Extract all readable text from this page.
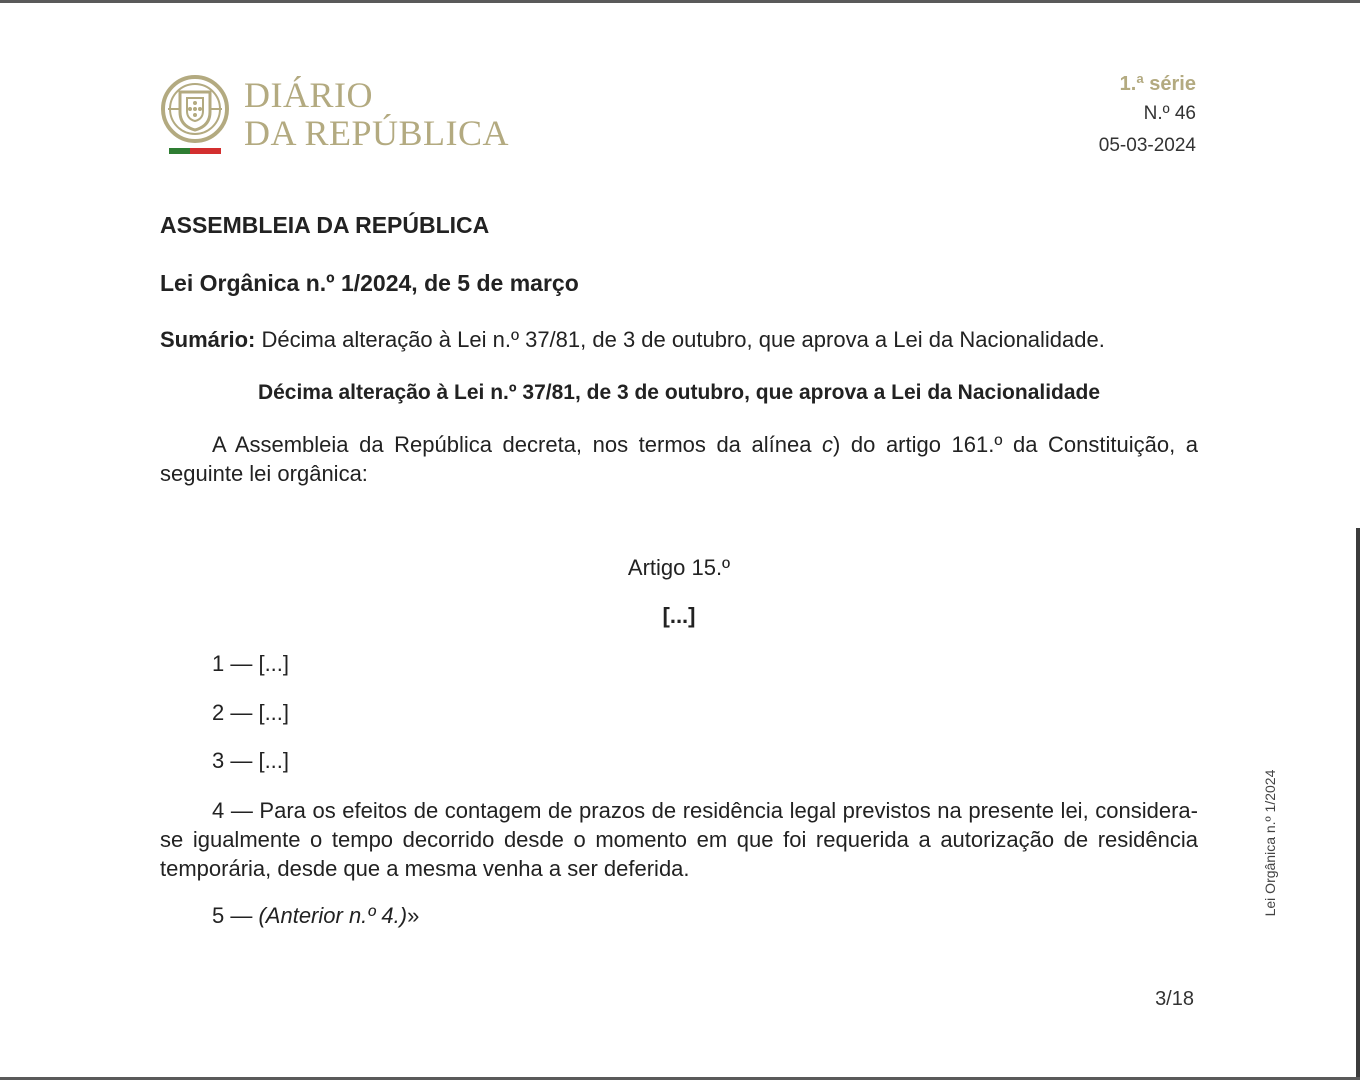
DIÁRIO
DA REPÚBLICA
1.ª série
N.º 46
05-03-2024
ASSEMBLEIA DA REPÚBLICA
Lei Orgânica n.º 1/2024, de 5 de março
Sumário: Décima alteração à Lei n.º 37/81, de 3 de outubro, que aprova a Lei da Nacionalidade.
Décima alteração à Lei n.º 37/81, de 3 de outubro, que aprova a Lei da Nacionalidade
A Assembleia da República decreta, nos termos da alínea c) do artigo 161.º da Constituição, a seguinte lei orgânica:
Artigo 15.º
[...]
1 — [...]
2 — [...]
3 — [...]
4 — Para os efeitos de contagem de prazos de residência legal previstos na presente lei, considera-se igualmente o tempo decorrido desde o momento em que foi requerida a autorização de residência temporária, desde que a mesma venha a ser deferida.
5 — (Anterior n.º 4.)»
3/18
Lei Orgânica n.º 1/2024
